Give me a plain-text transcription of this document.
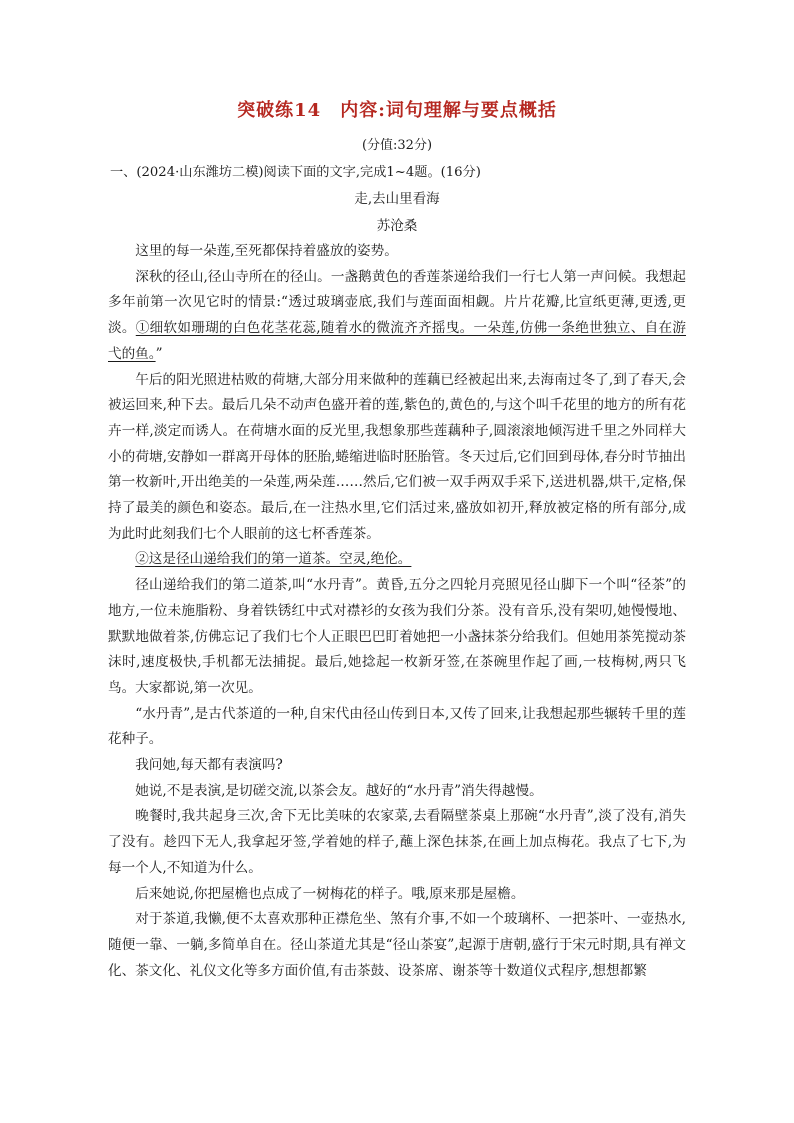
突破练14　内容:词句理解与要点概括
(分值:32分)
一、(2024·山东潍坊二模)阅读下面的文字,完成1~4题。(16分)
走,去山里看海
苏沧桑

这里的每一朵莲,至死都保持着盛放的姿势。

深秋的径山,径山寺所在的径山。一盏鹅黄色的香莲茶递给我们一行七人第一声问候。我想起多年前第一次见它时的情景:“透过玻璃壶底,我们与莲面面相觑。片片花瓣,比宣纸更薄,更透,更淡。①细软如珊瑚的白色花茎花蕊,随着水的微流齐齐摇曳。一朵莲,仿佛一条绝世独立、自在游弋的鱼。”

午后的阳光照进枯败的荷塘,大部分用来做种的莲藕已经被起出来,去海南过冬了,到了春天,会被运回来,种下去。最后几朵不动声色盛开着的莲,紫色的,黄色的,与这个叫千花里的地方的所有花卉一样,淡定而诱人。在荷塘水面的反光里,我想象那些莲藕种子,圆滚滚地倾泻进千里之外同样大小的荷塘,安静如一群离开母体的胚胎,蜷缩进临时胚胎管。冬天过后,它们回到母体,春分时节抽出第一枚新叶,开出绝美的一朵莲,两朵莲……然后,它们被一双手两双手采下,送进机器,烘干,定格,保持了最美的颜色和姿态。最后,在一注热水里,它们活过来,盛放如初开,释放被定格的所有部分,成为此时此刻我们七个人眼前的这七杯香莲茶。

②这是径山递给我们的第一道茶。空灵,绝伦。

径山递给我们的第二道茶,叫“水丹青”。黄昏,五分之四轮月亮照见径山脚下一个叫“径茶”的地方,一位未施脂粉、身着铁锈红中式对襟衫的女孩为我们分茶。没有音乐,没有架叨,她慢慢地、默默地做着茶,仿佛忘记了我们七个人正眼巴巴盯着她把一小盏抹茶分给我们。但她用茶筅搅动茶沫时,速度极快,手机都无法捕捉。最后,她捻起一枚新牙签,在茶碗里作起了画,一枝梅树,两只飞鸟。大家都说,第一次见。

“水丹青”,是古代茶道的一种,自宋代由径山传到日本,又传了回来,让我想起那些辗转千里的莲花种子。

我问她,每天都有表演吗?

她说,不是表演,是切磋交流,以茶会友。越好的“水丹青”消失得越慢。

晚餐时,我共起身三次,舍下无比美味的农家菜,去看隔壁茶桌上那碗“水丹青”,淡了没有,消失了没有。趁四下无人,我拿起牙签,学着她的样子,蘸上深色抹茶,在画上加点梅花。我点了七下,为每一个人,不知道为什么。

后来她说,你把屋檐也点成了一树梅花的样子。哦,原来那是屋檐。

对于茶道,我懒,便不太喜欢那种正襟危坐、煞有介事,不如一个玻璃杯、一把茶叶、一壶热水,随便一靠、一躺,多简单自在。径山茶道尤其是“径山茶宴”,起源于唐朝,盛行于宋元时期,具有禅文化、茶文化、礼仪文化等多方面价值,有击茶鼓、设茶席、谢茶等十数道仪式程序,想想都繁
